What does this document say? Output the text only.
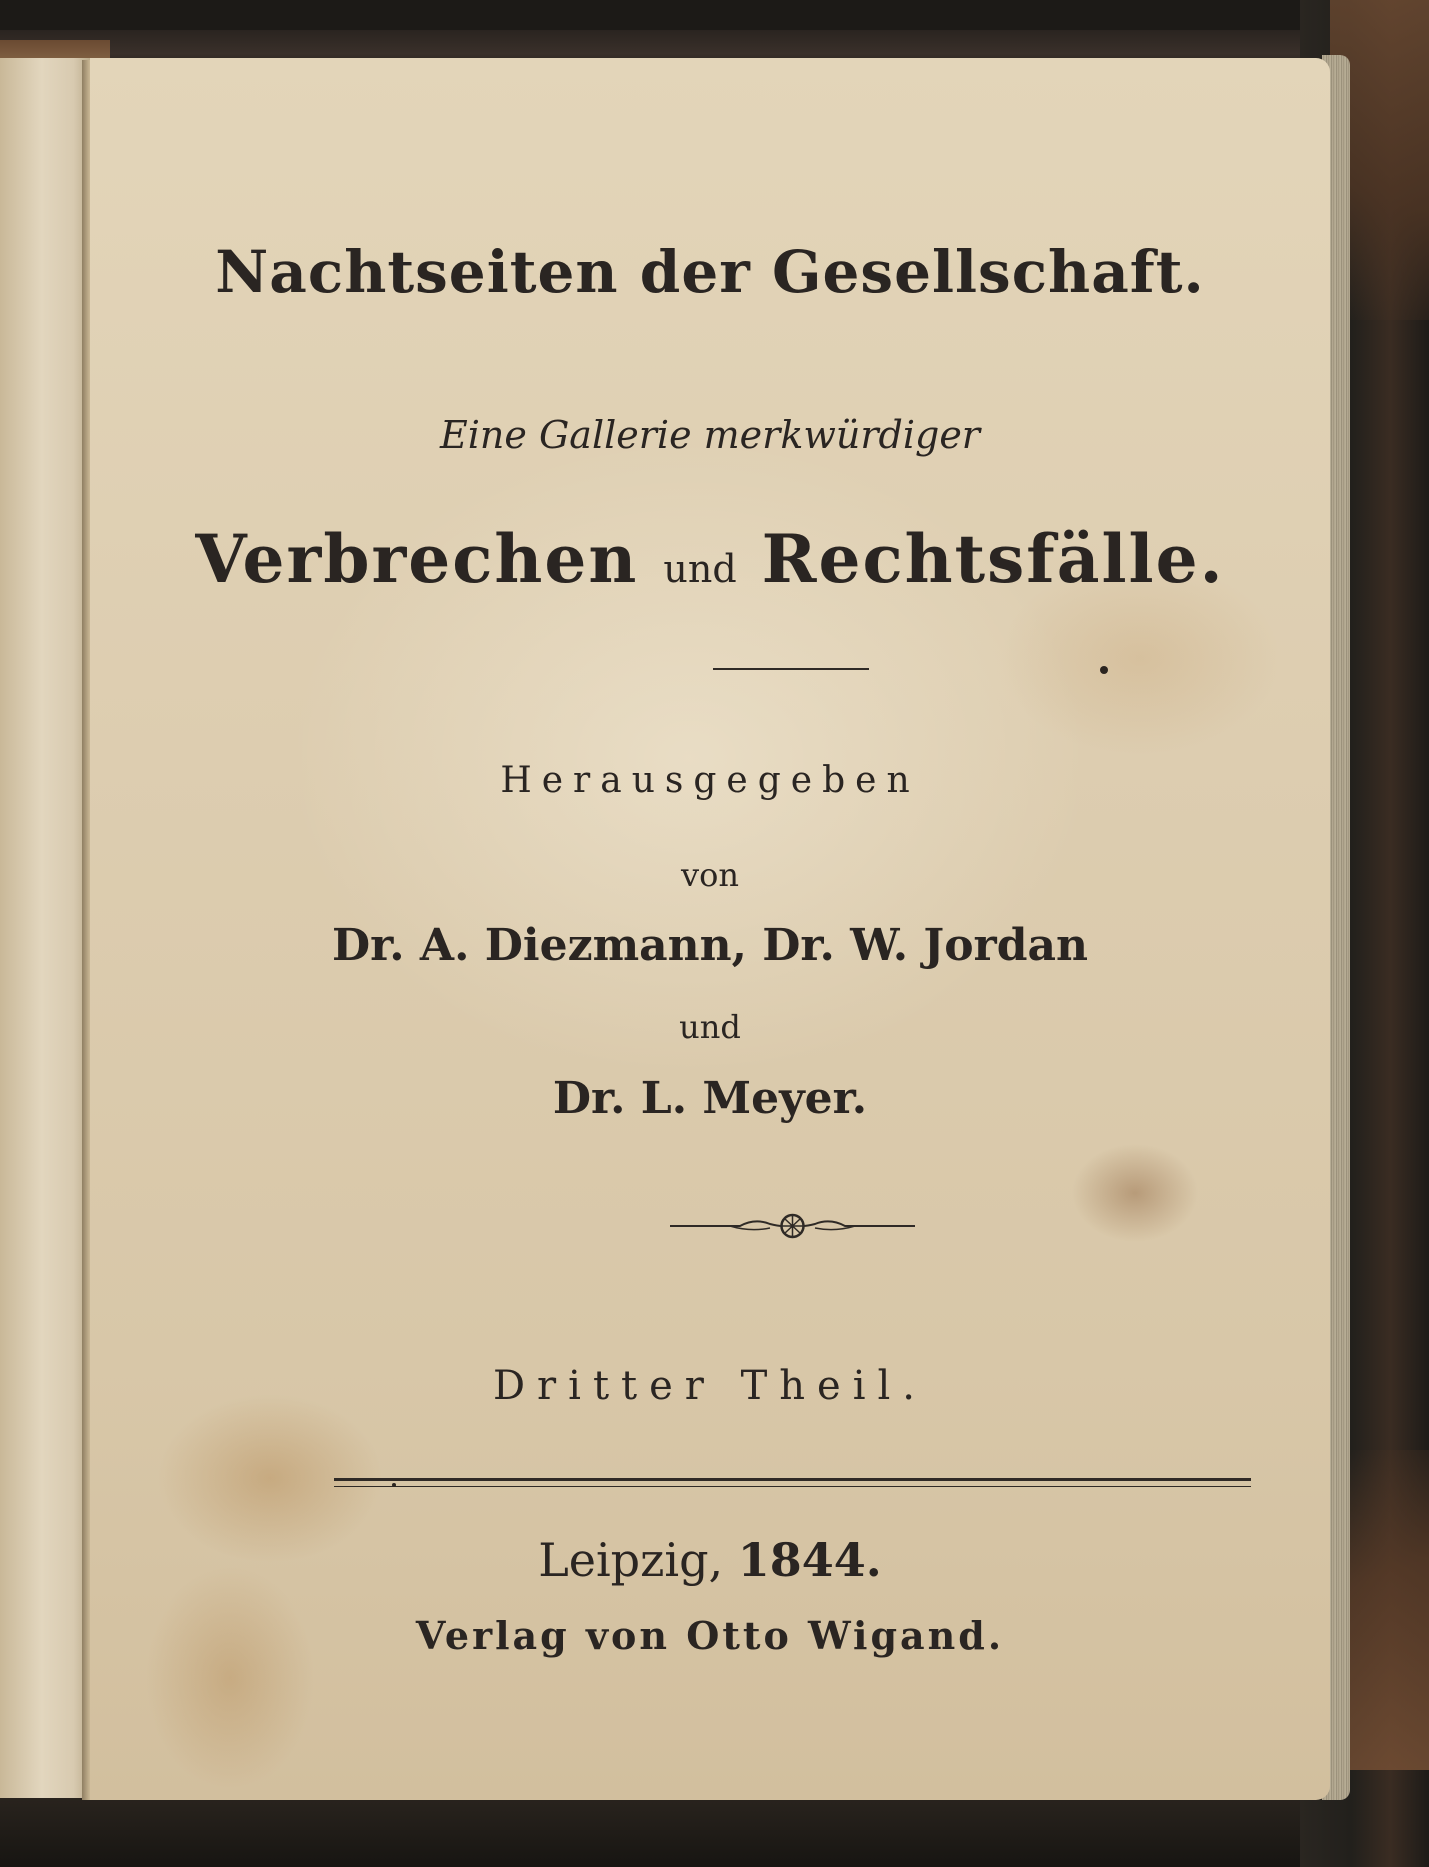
Nachtseiten der Gesellschaft.
Eine Gallerie merkwürdiger
Verbrechen und Rechtsfälle.
Herausgegeben
von
Dr. A. Diezmann, Dr. W. Jordan
und
Dr. L. Meyer.
Dritter Theil.
Leipzig, 1844.
Verlag von Otto Wigand.
